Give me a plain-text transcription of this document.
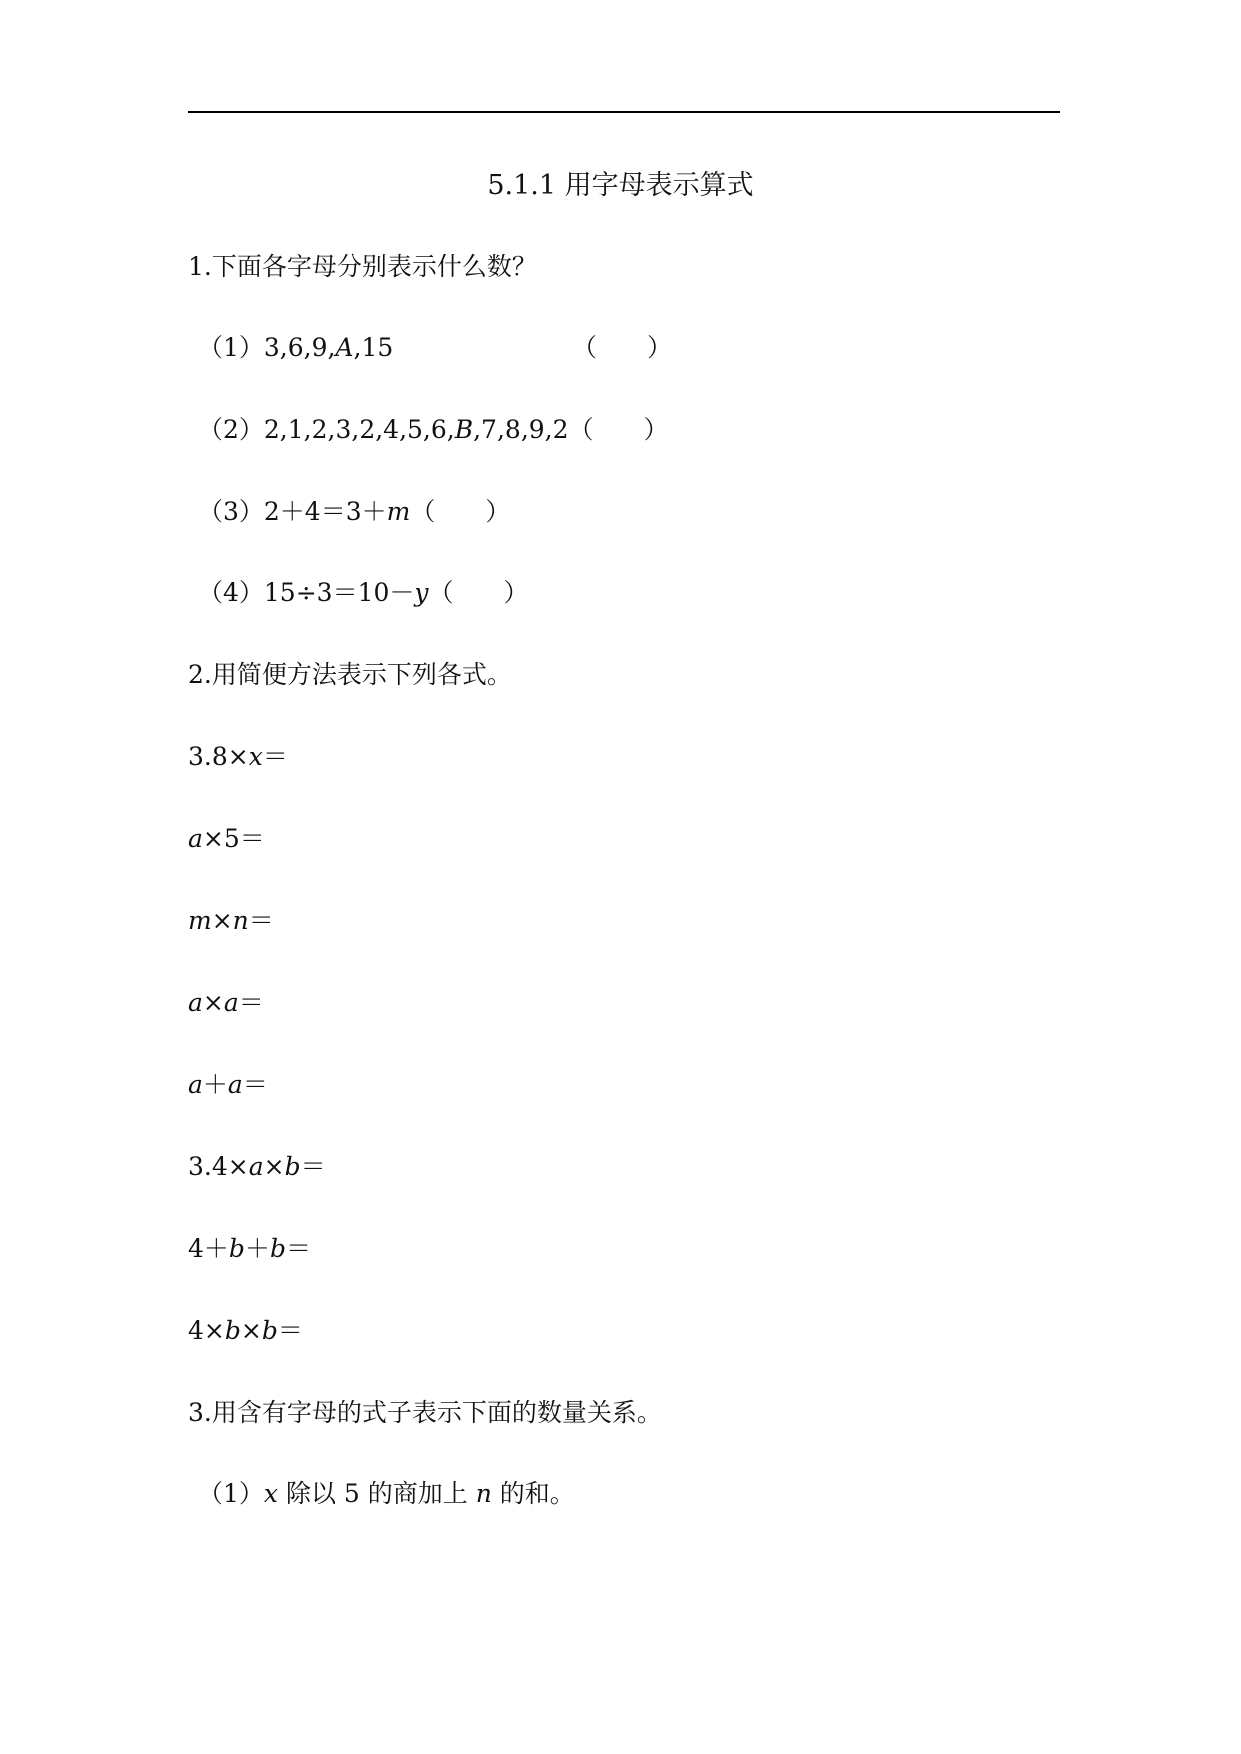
5.1.1 用字母表示算式
1.下面各字母分别表示什么数？
（1）3,6,9,A,15	（　　）
（2）2,1,2,3,2,4,5,6,B,7,8,9,2（　　）
（3）2＋4＝3＋m（　　）
（4）15÷3＝10－y（　　）
2.用简便方法表示下列各式。
3.8×x＝
a×5＝
m×n＝
a×a＝
a＋a＝
3.4×a×b＝
4＋b＋b＝
4×b×b＝
3.用含有字母的式子表示下面的数量关系。
（1）x 除以 5 的商加上 n 的和。
